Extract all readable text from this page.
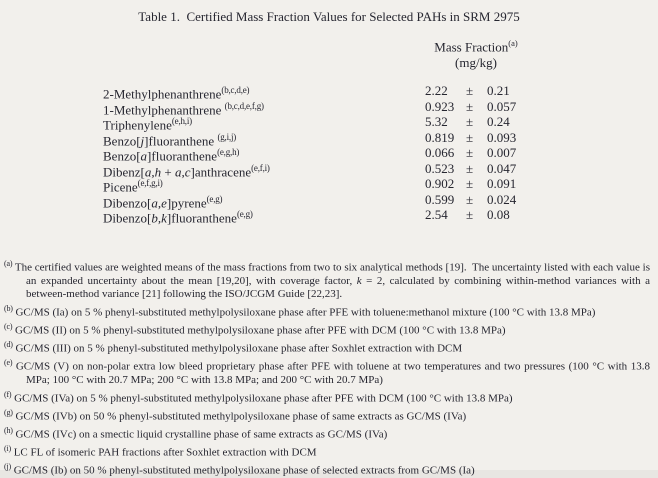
Table 1.  Certified Mass Fraction Values for Selected PAHs in SRM 2975
Mass Fraction$^{(a)}$
(mg/kg)
2-Methylphenanthrene$^{(b,c,d,e)}$	2.22	±	0.21
1-Methylphenanthrene $^{(b,c,d,e,f,g)}$	0.923 ±	0.057
Triphenylene$^{(e,h,i)}$	5.32	±	0.24
Benzo[j]fluoranthene $^{(g,i,j)}$	0.819 ±	0.093
Benzo[a]fluoranthene$^{(e,g,h)}$	0.066 ±	0.007
Dibenz[a,h + a,c]anthracene$^{(e,f,i)}$	0.523 ±	0.047
Picene$^{(e,f,g,i)}$	0.902 ±	0.091
Dibenzo[a,e]pyrene$^{(e,g)}$	0.599 ±	0.024
Dibenzo[b,k]fluoranthene$^{(e,g)}$	2.54	±	0.08
$^{(a)}$ The certified values are weighted means of the mass fractions from two to six analytical methods [19].  The uncertainty listed with each value is an expanded uncertainty about the mean [19,20], with coverage factor, k = 2, calculated by combining within-method variances with a between-method variance [21] following the ISO/JCGM Guide [22,23].
$^{(b)}$ GC/MS (Ia) on 5 % phenyl-substituted methylpolysiloxane phase after PFE with toluene:methanol mixture (100 °C with 13.8 MPa)
$^{(c)}$ GC/MS (II) on 5 % phenyl-substituted methylpolysiloxane phase after PFE with DCM (100 °C with 13.8 MPa)
$^{(d)}$ GC/MS (III) on 5 % phenyl-substituted methylpolysiloxane phase after Soxhlet extraction with DCM
$^{(e)}$ GC/MS (V) on non-polar extra low bleed proprietary phase after PFE with toluene at two temperatures and two pressures (100 °C with 13.8 MPa; 100 °C with 20.7 MPa; 200 °C with 13.8 MPa; and 200 °C with 20.7 MPa)
$^{(f)}$ GC/MS (IVa) on 5 % phenyl-substituted methylpolysiloxane phase after PFE with DCM (100 °C with 13.8 MPa)
$^{(g)}$ GC/MS (IVb) on 50 % phenyl-substituted methylpolysiloxane phase of same extracts as GC/MS (IVa)
$^{(h)}$ GC/MS (IVc) on a smectic liquid crystalline phase of same extracts as GC/MS (IVa)
$^{(i)}$ LC FL of isomeric PAH fractions after Soxhlet extraction with DCM
$^{(j)}$ GC/MS (Ib) on 50 % phenyl-substituted methylpolysiloxane phase of selected extracts from GC/MS (Ia)
